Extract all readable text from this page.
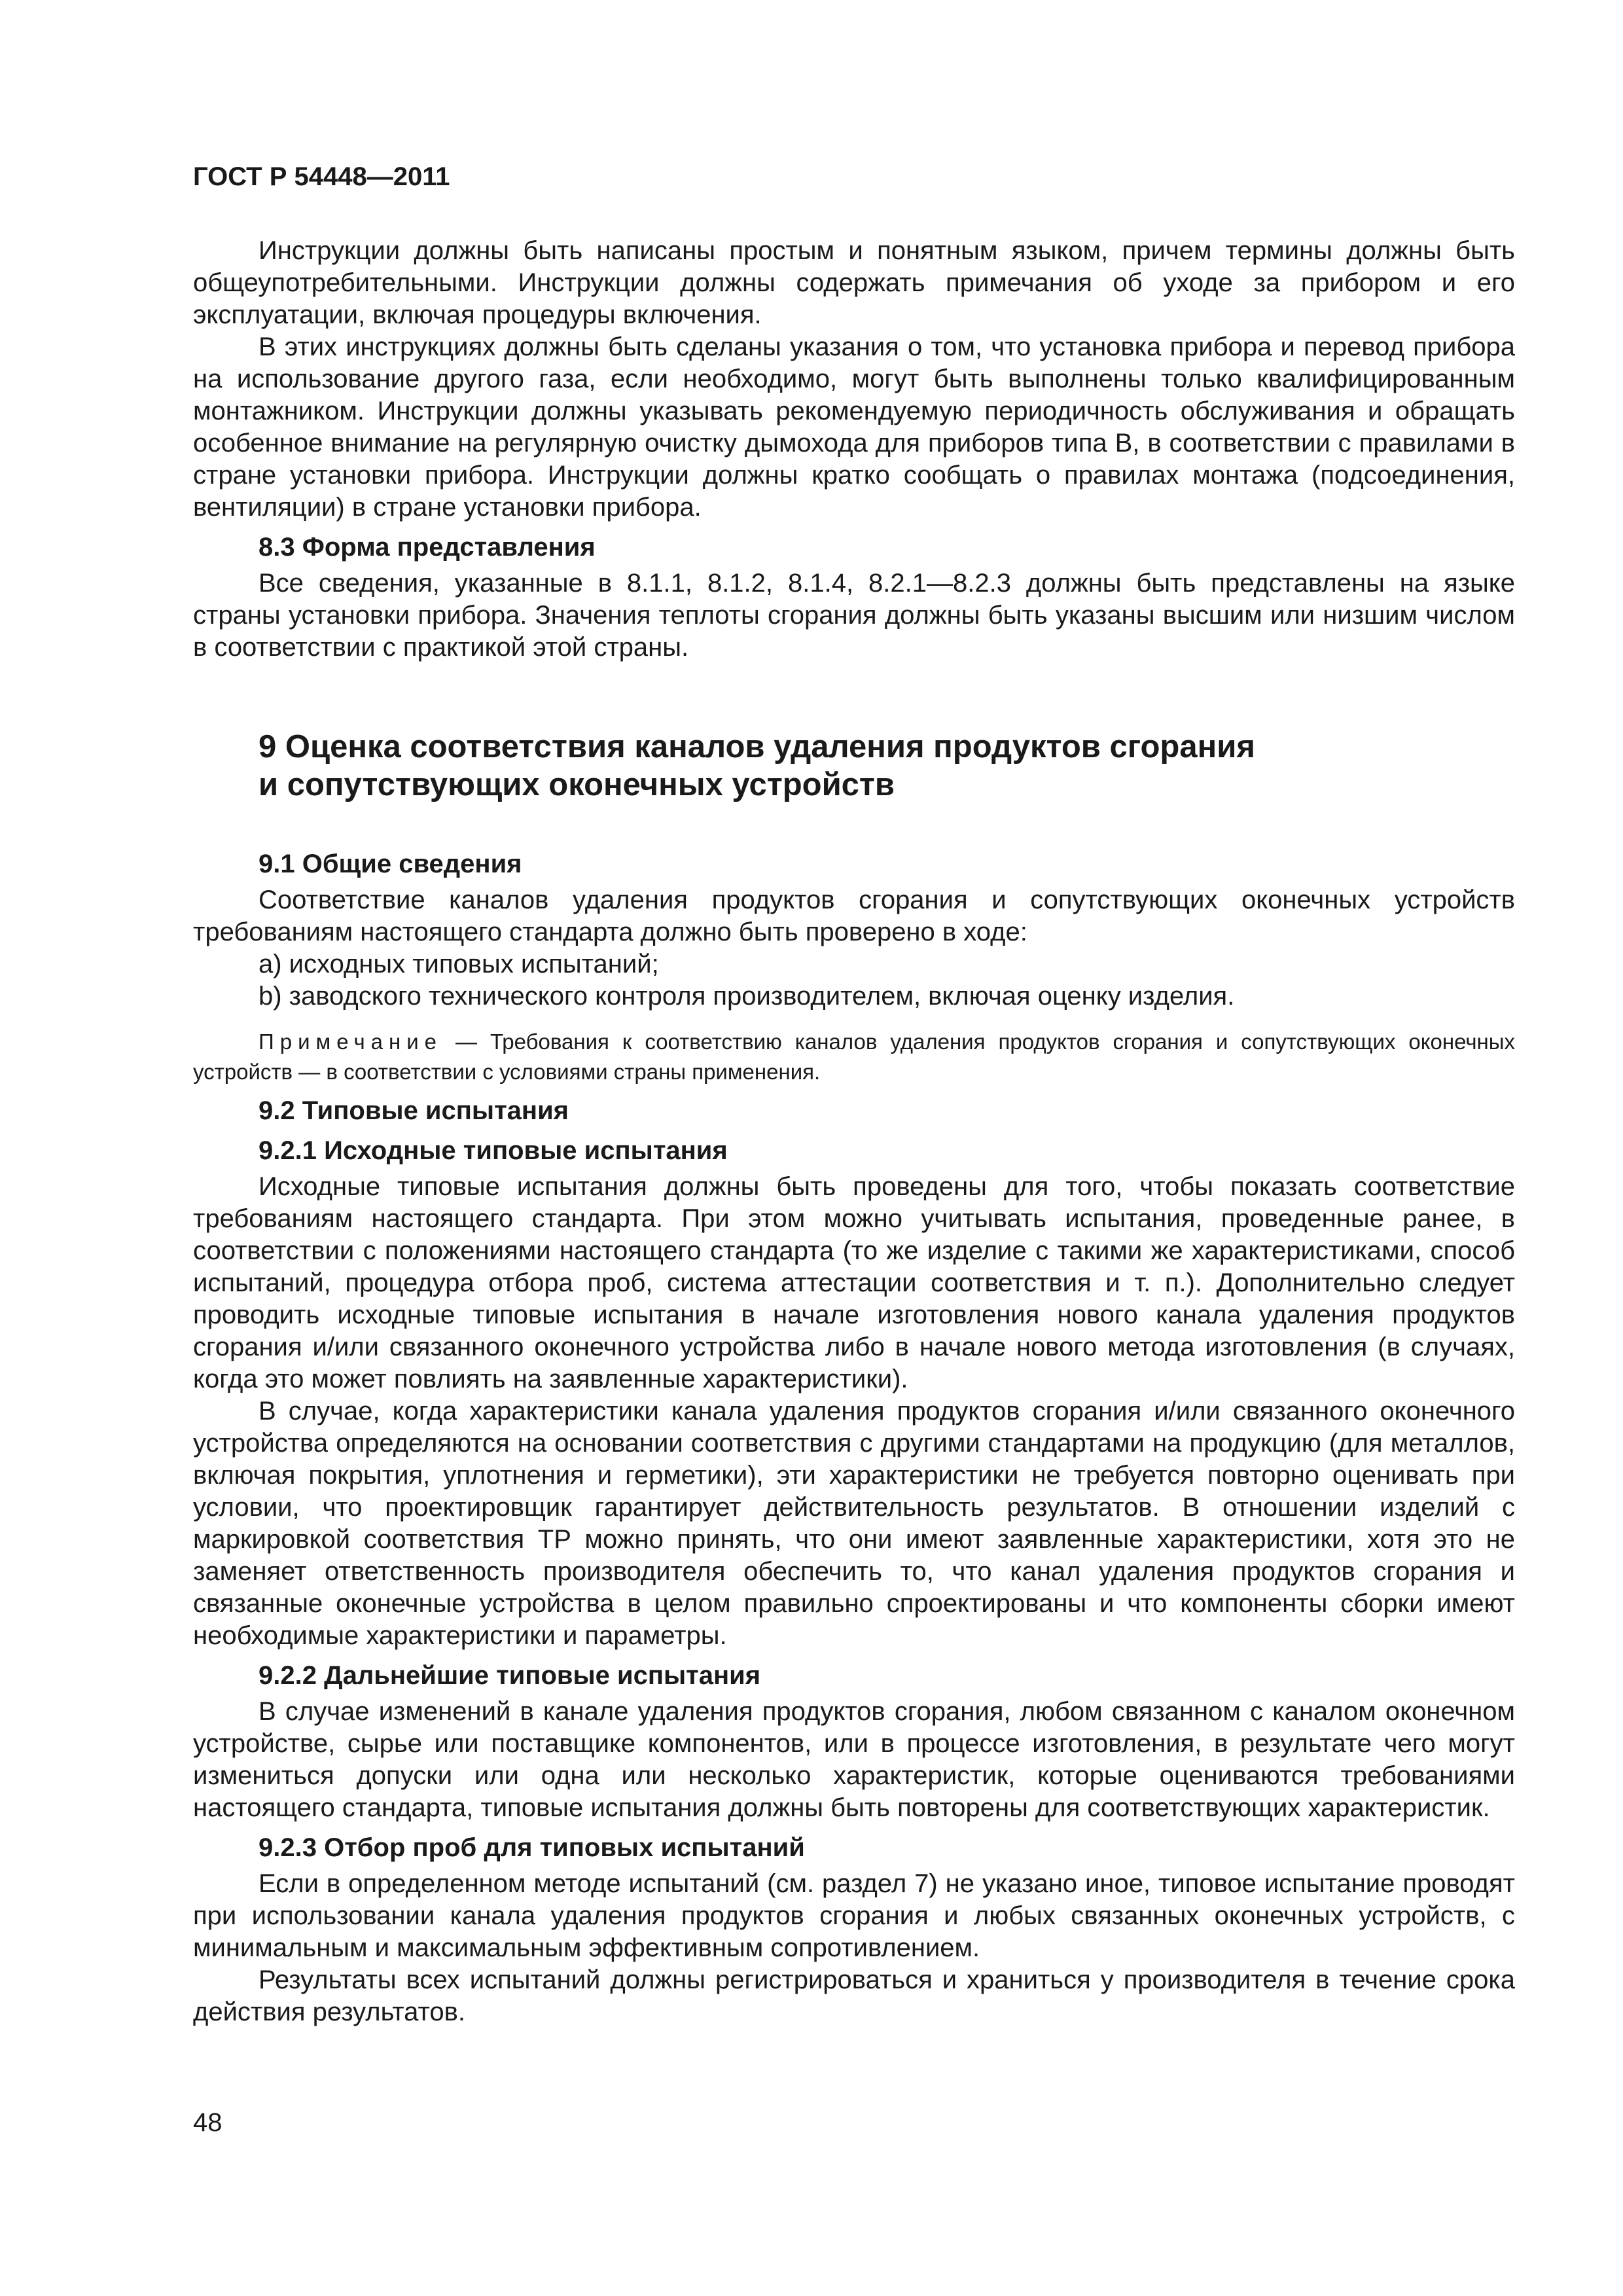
ГОСТ Р 54448—2011

Инструкции должны быть написаны простым и понятным языком, причем термины должны быть общеупотребительными. Инструкции должны содержать примечания об уходе за прибором и его эксплуатации, включая процедуры включения.

В этих инструкциях должны быть сделаны указания о том, что установка прибора и перевод прибора на использование другого газа, если необходимо, могут быть выполнены только квалифицированным монтажником. Инструкции должны указывать рекомендуемую периодичность обслуживания и обращать особенное внимание на регулярную очистку дымохода для приборов типа B, в соответствии с правилами в стране установки прибора. Инструкции должны кратко сообщать о правилах монтажа (подсоединения, вентиляции) в стране установки прибора.

8.3 Форма представления

Все сведения, указанные в 8.1.1, 8.1.2, 8.1.4, 8.2.1—8.2.3 должны быть представлены на языке страны установки прибора. Значения теплоты сгорания должны быть указаны высшим или низшим числом в соответствии с практикой этой страны.

9 Оценка соответствия каналов удаления продуктов сгорания
и сопутствующих оконечных устройств
9.1 Общие сведения

Соответствие каналов удаления продуктов сгорания и сопутствующих оконечных устройств требованиям настоящего стандарта должно быть проверено в ходе:

a) исходных типовых испытаний;
b) заводского технического контроля производителем, включая оценку изделия.
Примечание — Требования к соответствию каналов удаления продуктов сгорания и сопутствующих оконечных устройств — в соответствии с условиями страны применения.
9.2 Типовые испытания
9.2.1 Исходные типовые испытания

Исходные типовые испытания должны быть проведены для того, чтобы показать соответствие требованиям настоящего стандарта. При этом можно учитывать испытания, проведенные ранее, в соответствии с положениями настоящего стандарта (то же изделие с такими же характеристиками, способ испытаний, процедура отбора проб, система аттестации соответствия и т. п.). Дополнительно следует проводить исходные типовые испытания в начале изготовления нового канала удаления продуктов сгорания и/или связанного оконечного устройства либо в начале нового метода изготовления (в случаях, когда это может повлиять на заявленные характеристики).

В случае, когда характеристики канала удаления продуктов сгорания и/или связанного оконечного устройства определяются на основании соответствия с другими стандартами на продукцию (для металлов, включая покрытия, уплотнения и герметики), эти характеристики не требуется повторно оценивать при условии, что проектировщик гарантирует действительность результатов. В отношении изделий с маркировкой соответствия ТР можно принять, что они имеют заявленные характеристики, хотя это не заменяет ответственность производителя обеспечить то, что канал удаления продуктов сгорания и связанные оконечные устройства в целом правильно спроектированы и что компоненты сборки имеют необходимые характеристики и параметры.

9.2.2 Дальнейшие типовые испытания

В случае изменений в канале удаления продуктов сгорания, любом связанном с каналом оконечном устройстве, сырье или поставщике компонентов, или в процессе изготовления, в результате чего могут измениться допуски или одна или несколько характеристик, которые оцениваются требованиями настоящего стандарта, типовые испытания должны быть повторены для соответствующих характеристик.

9.2.3 Отбор проб для типовых испытаний

Если в определенном методе испытаний (см. раздел 7) не указано иное, типовое испытание проводят при использовании канала удаления продуктов сгорания и любых связанных оконечных устройств, с минимальным и максимальным эффективным сопротивлением.

Результаты всех испытаний должны регистрироваться и храниться у производителя в течение срока действия результатов.

48
